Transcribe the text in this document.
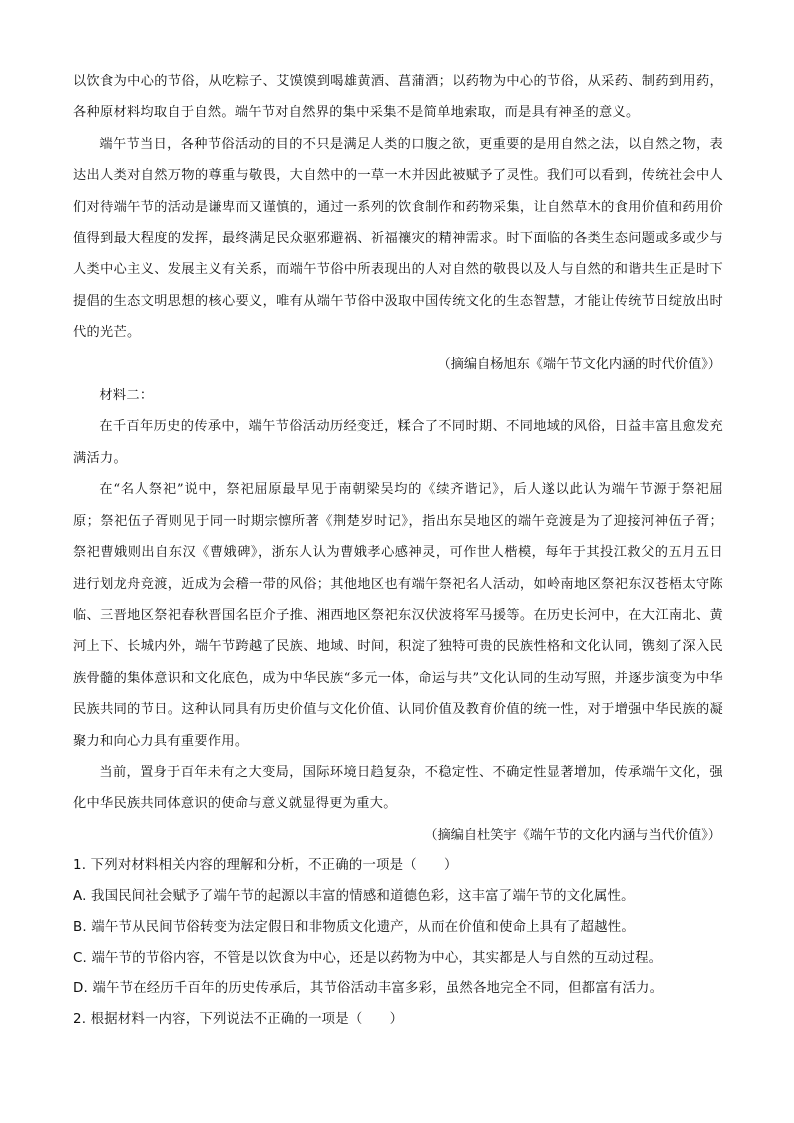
以饮食为中心的节俗，从吃粽子、艾馍馍到喝雄黄酒、菖蒲酒；以药物为中心的节俗，从采药、制药到用药，各种原材料均取自于自然。端午节对自然界的集中采集不是简单地索取，而是具有神圣的意义。

端午节当日，各种节俗活动的目的不只是满足人类的口腹之欲，更重要的是用自然之法，以自然之物，表达出人类对自然万物的尊重与敬畏，大自然中的一草一木并因此被赋予了灵性。我们可以看到，传统社会中人们对待端午节的活动是谦卑而又谨慎的，通过一系列的饮食制作和药物采集，让自然草木的食用价值和药用价值得到最大程度的发挥，最终满足民众驱邪避祸、祈福禳灾的精神需求。时下面临的各类生态问题或多或少与人类中心主义、发展主义有关系，而端午节俗中所表现出的人对自然的敬畏以及人与自然的和谐共生正是时下提倡的生态文明思想的核心要义，唯有从端午节俗中汲取中国传统文化的生态智慧，才能让传统节日绽放出时代的光芒。

（摘编自杨旭东《端午节文化内涵的时代价值》）

材料二：

在千百年历史的传承中，端午节俗活动历经变迁，糅合了不同时期、不同地域的风俗，日益丰富且愈发充满活力。

在“名人祭祀”说中，祭祀屈原最早见于南朝梁吴均的《续齐谐记》，后人遂以此认为端午节源于祭祀屈原；祭祀伍子胥则见于同一时期宗懔所著《荆楚岁时记》，指出东吴地区的端午竞渡是为了迎接河神伍子胥；祭祀曹娥则出自东汉《曹娥碑》，浙东人认为曹娥孝心感神灵，可作世人楷模，每年于其投江救父的五月五日进行划龙舟竞渡，近成为会稽一带的风俗；其他地区也有端午祭祀名人活动，如岭南地区祭祀东汉苍梧太守陈临、三晋地区祭祀春秋晋国名臣介子推、湘西地区祭祀东汉伏波将军马援等。在历史长河中，在大江南北、黄河上下、长城内外，端午节跨越了民族、地域、时间，积淀了独特可贵的民族性格和文化认同，镌刻了深入民族骨髓的集体意识和文化底色，成为中华民族“多元一体，命运与共”文化认同的生动写照，并逐步演变为中华民族共同的节日。这种认同具有历史价值与文化价值、认同价值及教育价值的统一性，对于增强中华民族的凝聚力和向心力具有重要作用。

当前，置身于百年未有之大变局，国际环境日趋复杂，不稳定性、不确定性显著增加，传承端午文化，强化中华民族共同体意识的使命与意义就显得更为重大。

（摘编自杜笑宇《端午节的文化内涵与当代价值》）

1. 下列对材料相关内容的理解和分析，不正确的一项是（　　）

A. 我国民间社会赋予了端午节的起源以丰富的情感和道德色彩，这丰富了端午节的文化属性。

B. 端午节从民间节俗转变为法定假日和非物质文化遗产，从而在价值和使命上具有了超越性。

C. 端午节的节俗内容，不管是以饮食为中心，还是以药物为中心，其实都是人与自然的互动过程。

D. 端午节在经历千百年的历史传承后，其节俗活动丰富多彩，虽然各地完全不同，但都富有活力。

2. 根据材料一内容，下列说法不正确的一项是（　　）
